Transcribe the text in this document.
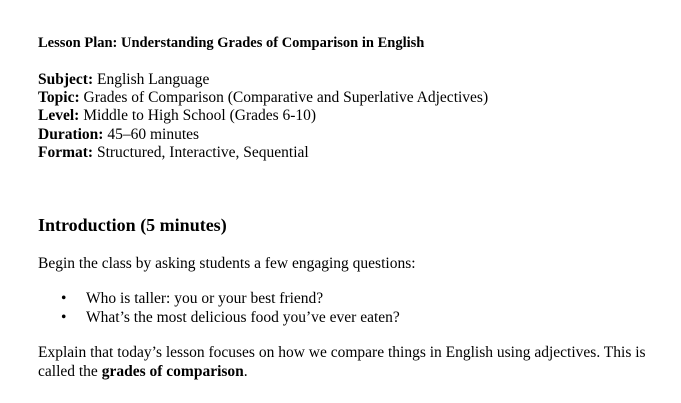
Lesson Plan: Understanding Grades of Comparison in English
Subject: English Language
Topic: Grades of Comparison (Comparative and Superlative Adjectives)
Level: Middle to High School (Grades 6-10)
Duration: 45–60 minutes
Format: Structured, Interactive, Sequential
Introduction (5 minutes)
Begin the class by asking students a few engaging questions:
• Who is taller: you or your best friend?
• What’s the most delicious food you’ve ever eaten?
Explain that today’s lesson focuses on how we compare things in English using adjectives. This is called the grades of comparison.
